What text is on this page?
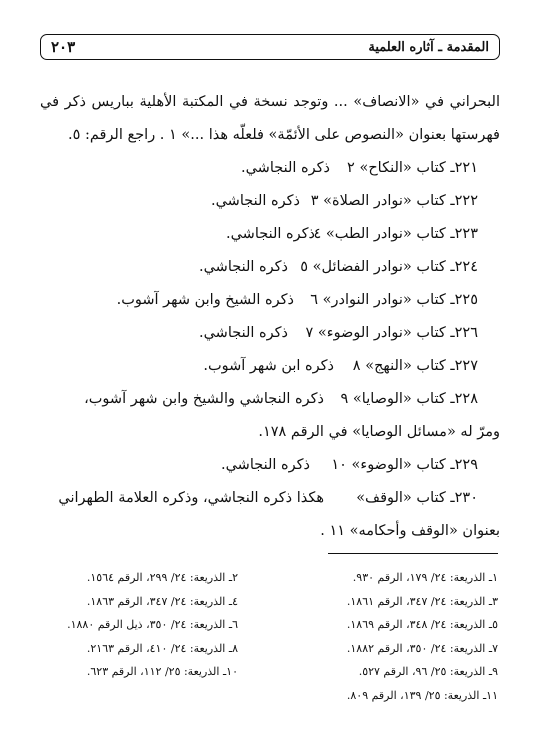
المقدمة ـ آثاره العلمية
٢٠٣
البحراني في «الانصاف» ... وتوجد نسخة في المكتبة الأهلية بباريس ذكر في
فهرستها بعنوان «النصوص على الأئمّة» فلعلّه هذا ...» ١ . راجع الرقم: ٥.
٢٢١ـ كتاب «النكاح» ٢
ذكره النجاشي.
٢٢٢ـ كتاب «نوادر الصلاة» ٣
ذكره النجاشي.
٢٢٣ـ كتاب «نوادر الطب» ٤
ذكره النجاشي.
٢٢٤ـ كتاب «نوادر الفضائل» ٥
ذكره النجاشي.
٢٢٥ـ كتاب «نوادر النوادر» ٦
ذكره الشيخ وابن شهر آشوب.
٢٢٦ـ كتاب «نوادر الوضوء» ٧
ذكره النجاشي.
٢٢٧ـ كتاب «النهج» ٨
ذكره ابن شهر آشوب.
٢٢٨ـ كتاب «الوصايا» ٩
ذكره النجاشي والشيخ وابن شهر آشوب،
ومرّ له «مسائل الوصايا» في الرقم ١٧٨.
٢٢٩ـ كتاب «الوضوء» ١٠
ذكره النجاشي.
٢٣٠ـ كتاب «الوقف»
هكذا ذكره النجاشي، وذكره العلامة الطهراني
بعنوان «الوقف وأحكامه» ١١ .
١ـ الذريعة: ٢٤/ ١٧٩، الرقم ٩٣٠.
٣ـ الذريعة: ٢٤/ ٣٤٧، الرقم ١٨٦١.
٥ـ الذريعة: ٢٤/ ٣٤٨، الرقم ١٨٦٩.
٧ـ الذريعة: ٢٤/ ٣٥٠، الرقم ١٨٨٢.
٩ـ الذريعة: ٢٥/ ٩٦، الرقم ٥٢٧.
١١ـ الذريعة: ٢٥/ ١٣٩، الرقم ٨٠٩.
٢ـ الذريعة: ٢٤/ ٢٩٩، الرقم ١٥٦٤.
٤ـ الذريعة: ٢٤/ ٣٤٧، الرقم ١٨٦٣.
٦ـ الذريعة: ٢٤/ ٣٥٠، ذيل الرقم ١٨٨٠.
٨ـ الذريعة: ٢٤/ ٤١٠، الرقم ٢١٦٣.
١٠ـ الذريعة: ٢٥/ ١١٢، الرقم ٦٢٣.
